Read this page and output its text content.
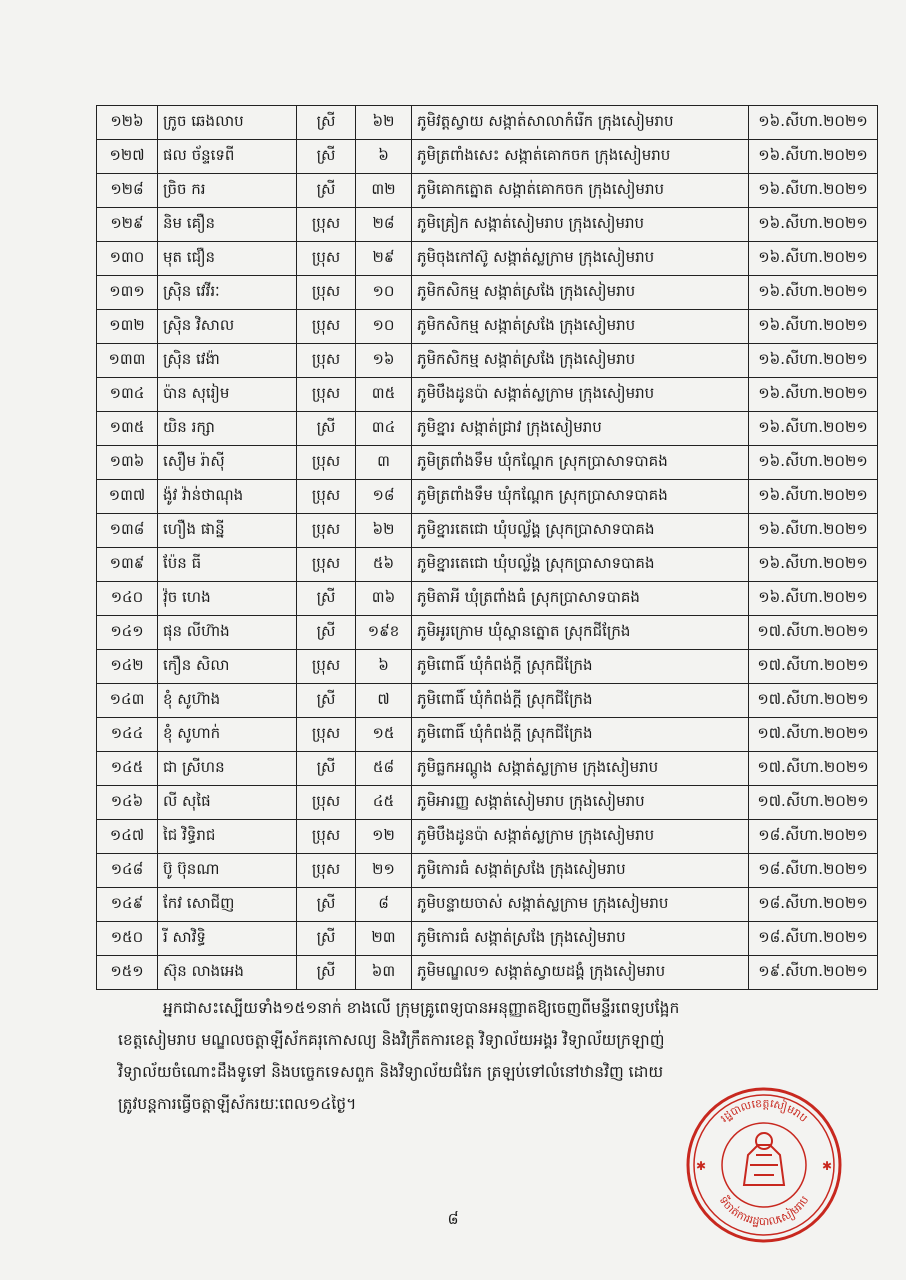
១២៦	ក្រូច ឆេងលាប	ស្រី	៦២	ភូមិវត្តស្វាយ សង្កាត់សាលាកំរើក ក្រុងសៀមរាប	១៦.សីហា.២០២១
១២៧	ផល ច័ន្ទទេពី	ស្រី	៦	ភូមិត្រពាំងសេះ សង្កាត់គោកចក ក្រុងសៀមរាប	១៦.សីហា.២០២១
១២៨	ច្រិច ករ	ស្រី	៣២	ភូមិគោកត្នោត សង្កាត់គោកចក ក្រុងសៀមរាប	១៦.សីហា.២០២១
១២៩	និម គឿន	ប្រុស	២៨	ភូមិគ្រៀក សង្កាត់សៀមរាប ក្រុងសៀមរាប	១៦.សីហា.២០២១
១៣០	មុត ជឿន	ប្រុស	២៩	ភូមិចុងកៅស៊ូ សង្កាត់ស្លក្រាម ក្រុងសៀមរាប	១៦.សីហា.២០២១
១៣១	ស្រ៊ិន វេវីរៈ	ប្រុស	១០	ភូមិកសិកម្ម សង្កាត់ស្រងែ ក្រុងសៀមរាប	១៦.សីហា.២០២១
១៣២	ស្រ៊ិន វិសាល	ប្រុស	១០	ភូមិកសិកម្ម សង្កាត់ស្រងែ ក្រុងសៀមរាប	១៦.សីហា.២០២១
១៣៣	ស្រ៊ិន វេង៉ា	ប្រុស	១៦	ភូមិកសិកម្ម សង្កាត់ស្រងែ ក្រុងសៀមរាប	១៦.សីហា.២០២១
១៣៤	ប៉ាន សុរៀម	ប្រុស	៣៥	ភូមិបឹងដូនប៉ា សង្កាត់ស្លក្រាម ក្រុងសៀមរាប	១៦.សីហា.២០២១
១៣៥	យិន រក្សា	ស្រី	៣៤	ភូមិខ្នារ សង្កាត់ជ្រាវ ក្រុងសៀមរាប	១៦.សីហា.២០២១
១៣៦	សឿម រ៉ាស៊ី	ប្រុស	៣	ភូមិត្រពាំងទឹម ឃុំកណ្ដែក ស្រុកប្រាសាទបាគង	១៦.សីហា.២០២១
១៣៧	ង៉ូវ វ៉ាន់ថាណុង	ប្រុស	១៨	ភូមិត្រពាំងទឹម ឃុំកណ្ដែក ស្រុកប្រាសាទបាគង	១៦.សីហា.២០២១
១៣៨	ហឿង ផាន្នី	ប្រុស	៦២	ភូមិខ្នារតេជោ ឃុំបល្ល័ង្គ ស្រុកប្រាសាទបាគង	១៦.សីហា.២០២១
១៣៩	ប៉ែន ធី	ប្រុស	៥៦	ភូមិខ្នារតេជោ ឃុំបល្ល័ង្គ ស្រុកប្រាសាទបាគង	១៦.សីហា.២០២១
១៤០	វ៉ុច ហេង	ស្រី	៣៦	ភូមិតាអី ឃុំត្រពាំងធំ ស្រុកប្រាសាទបាគង	១៦.សីហា.២០២១
១៤១	ផុន លីហ៊ាង	ស្រី	១៩ខ	ភូមិអូរក្រោម ឃុំស្ពានត្នោត ស្រុកជីក្រែង	១៧.សីហា.២០២១
១៤២	កឿន សិលា	ប្រុស	៦	ភូមិពោធិ៍ ឃុំកំពង់ក្ដី ស្រុកជីក្រែង	១៧.សីហា.២០២១
១៤៣	ខុំ សូហ៊ាង	ស្រី	៧	ភូមិពោធិ៍ ឃុំកំពង់ក្ដី ស្រុកជីក្រែង	១៧.សីហា.២០២១
១៤៤	ខុំ សូហាក់	ប្រុស	១៥	ភូមិពោធិ៍ ឃុំកំពង់ក្ដី ស្រុកជីក្រែង	១៧.សីហា.២០២១
១៤៥	ជា ស្រីហន	ស្រី	៥៨	ភូមិធ្លកអណ្ដូង សង្កាត់ស្លក្រាម ក្រុងសៀមរាប	១៧.សីហា.២០២១
១៤៦	លី សុផៃ	ប្រុស	៤៥	ភូមិអារញ្ញ សង្កាត់សៀមរាប ក្រុងសៀមរាប	១៧.សីហា.២០២១
១៤៧	ជៃ វិទ្ធិរាជ	ប្រុស	១២	ភូមិបឹងដូនប៉ា សង្កាត់ស្លក្រាម ក្រុងសៀមរាប	១៨.សីហា.២០២១
១៤៨	ប៊ូ ប៊ុនណា	ប្រុស	២១	ភូមិកោរធំ សង្កាត់ស្រងែ ក្រុងសៀមរាប	១៨.សីហា.២០២១
១៤៩	កែវ សោជីញ	ស្រី	៨	ភូមិបន្ទាយចាស់ សង្កាត់ស្លក្រាម ក្រុងសៀមរាប	១៨.សីហា.២០២១
១៥០	រី សាវិទ្ធិ	ស្រី	២៣	ភូមិកោរធំ សង្កាត់ស្រងែ ក្រុងសៀមរាប	១៨.សីហា.២០២១
១៥១	ស៊ុន លាងអេង	ស្រី	៦៣	ភូមិមណ្ឌល១ សង្កាត់ស្វាយដង្គំ ក្រុងសៀមរាប	១៩.សីហា.២០២១

អ្នកជាសះស្បើយទាំង១៥១នាក់ ខាងលើ ក្រុមគ្រូពេទ្យបានអនុញ្ញាតឱ្យចេញពីមន្ទីរពេទ្យបង្អែក

ខេត្តសៀមរាប មណ្ឌលចត្តាឡីស័កគរុកោសល្យ និងវិក្រឹតការខេត្ត វិទ្យាល័យអង្គរ វិទ្យាល័យក្រឡាញ់

វិទ្យាល័យចំណោះដឹងទូទៅ និងបច្ចេកទេសពួក និងវិទ្យាល័យជំរែក ត្រឡប់ទៅលំនៅឋានវិញ ដោយ

ត្រូវបន្តការធ្វើចត្តាឡីស័ករយៈពេល១៤ថ្ងៃ។

រដ្ឋបាលខេត្តសៀមរាប
ទីចាត់ការរដ្ឋបាលសៀមរាប
✱	✱
៨
